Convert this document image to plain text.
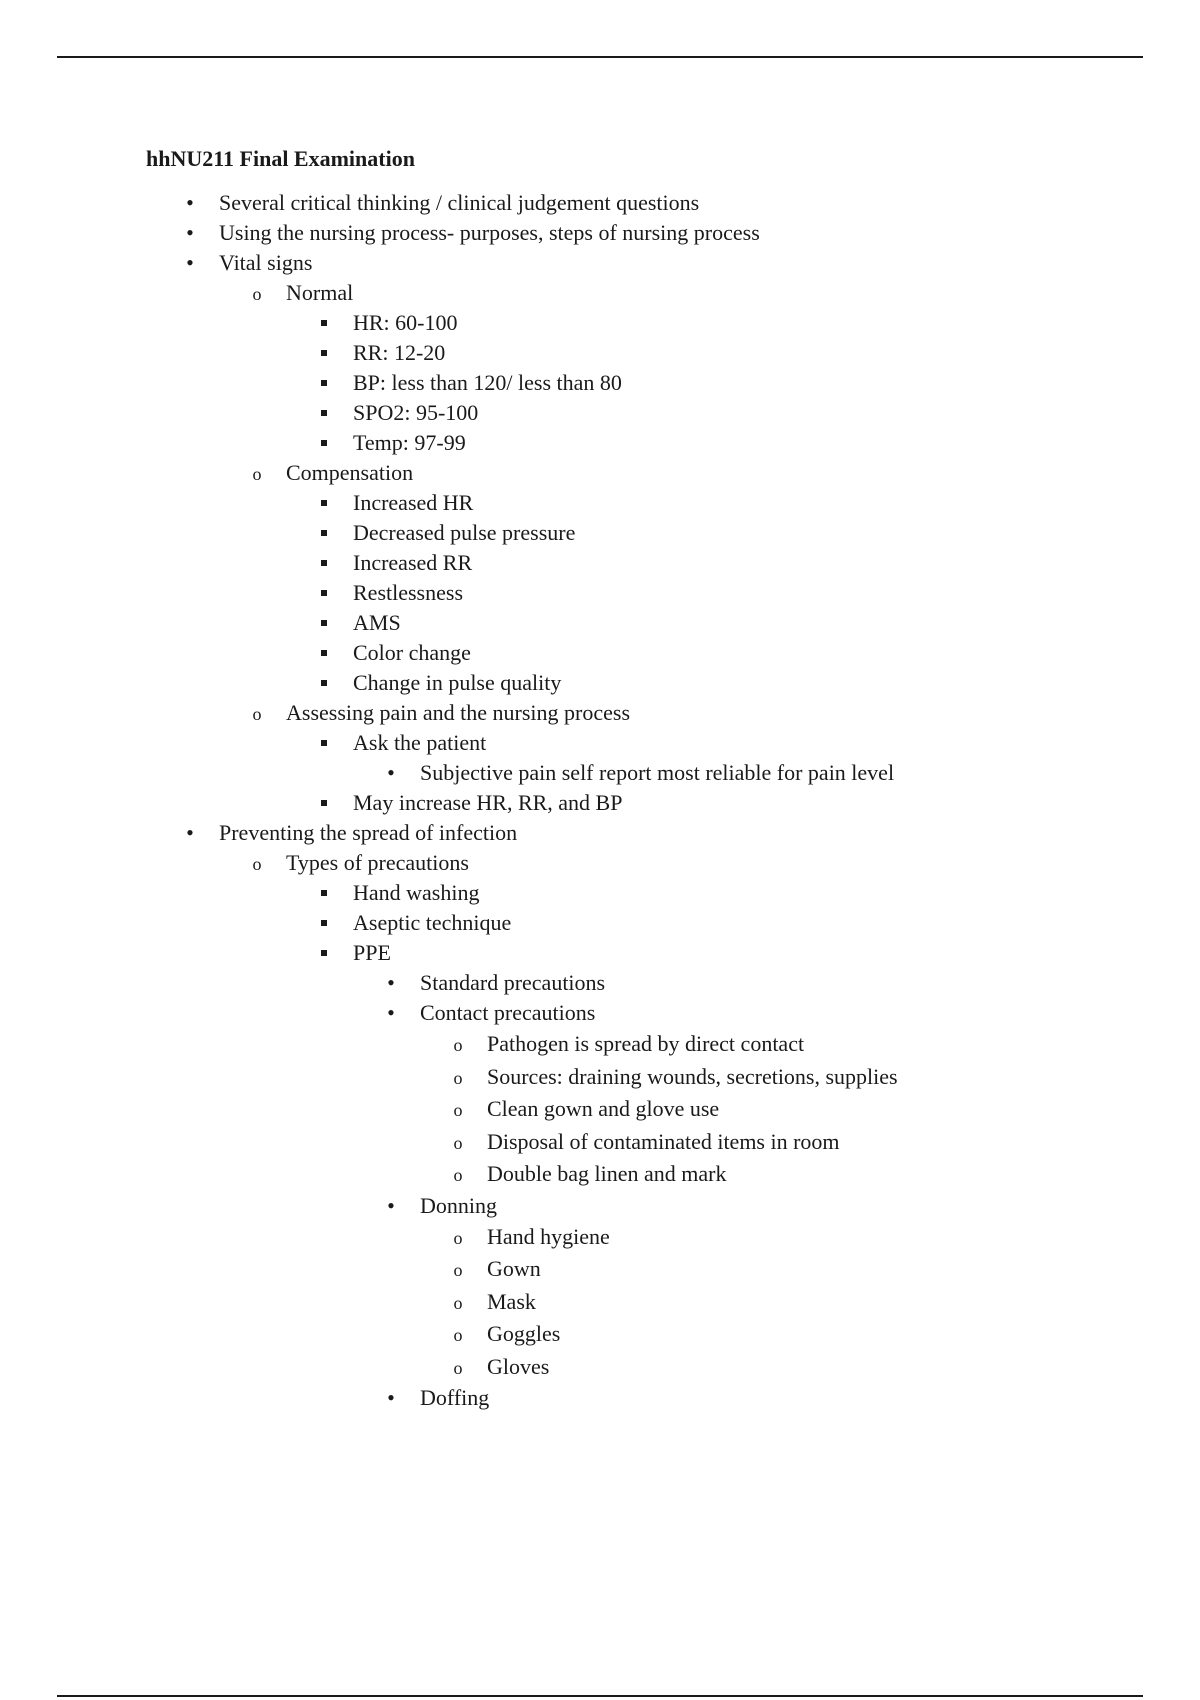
hhNU211 Final Examination
•
Several critical thinking / clinical judgement questions
•
Using the nursing process- purposes, steps of nursing process
•
Vital signs
o
Normal
HR: 60-100
RR: 12-20
BP: less than 120/ less than 80
SPO2: 95-100
Temp: 97-99
o
Compensation
Increased HR
Decreased pulse pressure
Increased RR
Restlessness
AMS
Color change
Change in pulse quality
o
Assessing pain and the nursing process
Ask the patient
•
Subjective pain self report most reliable for pain level
May increase HR, RR, and BP
•
Preventing the spread of infection
o
Types of precautions
Hand washing
Aseptic technique
PPE
•
Standard precautions
•
Contact precautions
o
Pathogen is spread by direct contact
o
Sources: draining wounds, secretions, supplies
o
Clean gown and glove use
o
Disposal of contaminated items in room
o
Double bag linen and mark
•
Donning
o
Hand hygiene
o
Gown
o
Mask
o
Goggles
o
Gloves
•
Doffing
